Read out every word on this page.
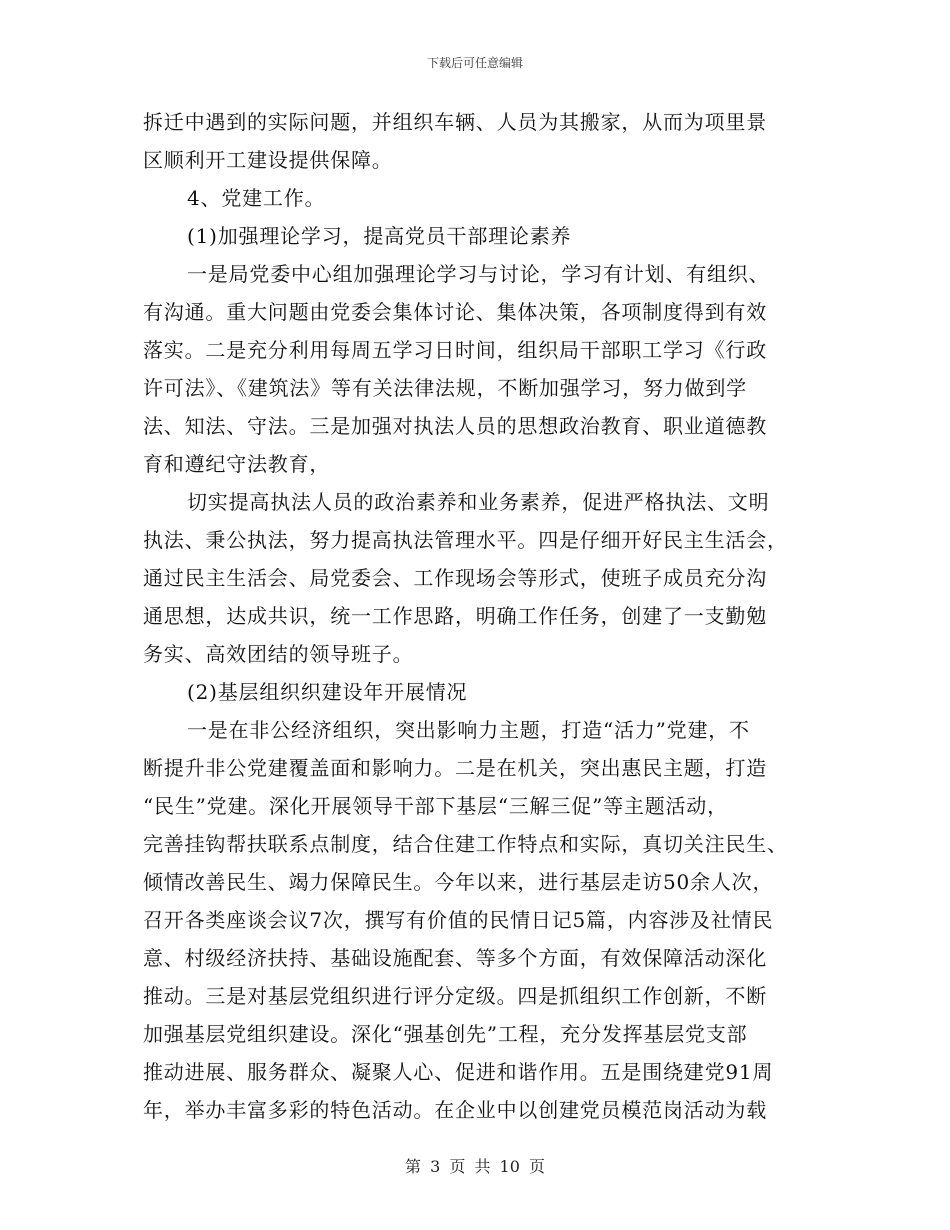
下载后可任意编辑
拆迁中遇到的实际问题，并组织车辆、人员为其搬家，从而为项里景
区顺利开工建设提供保障。
4、党建工作。
(1)加强理论学习，提高党员干部理论素养
一是局党委中心组加强理论学习与讨论，学习有计划、有组织、
有沟通。重大问题由党委会集体讨论、集体决策，各项制度得到有效
落实。二是充分利用每周五学习日时间，组织局干部职工学习《行政
许可法》、《建筑法》等有关法律法规，不断加强学习，努力做到学
法、知法、守法。三是加强对执法人员的思想政治教育、职业道德教
育和遵纪守法教育，
切实提高执法人员的政治素养和业务素养，促进严格执法、文明
执法、秉公执法，努力提高执法管理水平。四是仔细开好民主生活会，
通过民主生活会、局党委会、工作现场会等形式，使班子成员充分沟
通思想，达成共识，统一工作思路，明确工作任务，创建了一支勤勉
务实、高效团结的领导班子。
(2)基层组织织建设年开展情况
一是在非公经济组织，突出影响力主题，打造“活力”党建，不
断提升非公党建覆盖面和影响力。二是在机关，突出惠民主题，打造
“民生”党建。深化开展领导干部下基层“三解三促”等主题活动，
完善挂钩帮扶联系点制度，结合住建工作特点和实际，真切关注民生、
倾情改善民生、竭力保障民生。今年以来，进行基层走访50余人次，
召开各类座谈会议7次，撰写有价值的民情日记5篇，内容涉及社情民
意、村级经济扶持、基础设施配套、等多个方面，有效保障活动深化
推动。三是对基层党组织进行评分定级。四是抓组织工作创新，不断
加强基层党组织建设。深化“强基创先”工程，充分发挥基层党支部
推动进展、服务群众、凝聚人心、促进和谐作用。五是围绕建党91周
年，举办丰富多彩的特色活动。在企业中以创建党员模范岗活动为载
第 3 页 共 10 页
